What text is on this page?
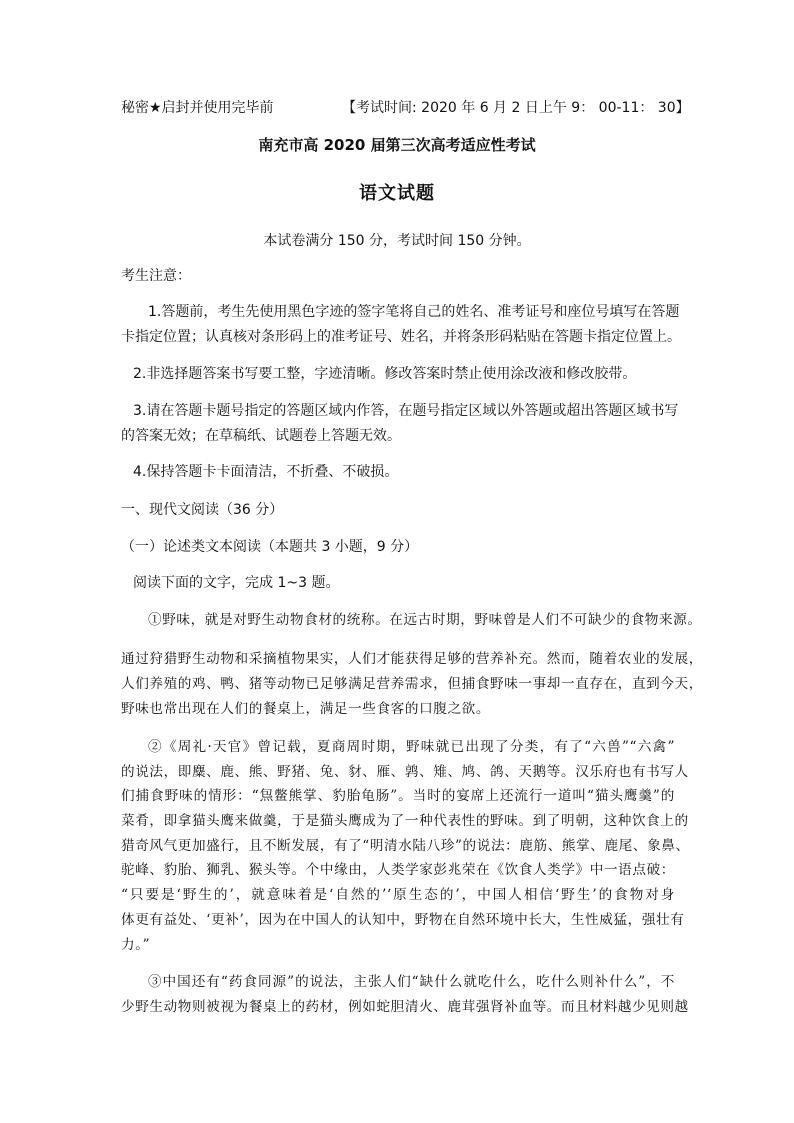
秘密★启封并使用完毕前	【考试时间: 2020 年 6 月 2 日上午 9： 00-11： 30】
南充市高 2020 届第三次高考适应性考试
语文试题
本试卷满分 150 分，考试时间 150 分钟。
考生注意：
1.答题前，考生先使用黑色字迹的签字笔将自己的姓名、准考证号和座位号填写在答题
卡指定位置；认真核对条形码上的准考证号、姓名，并将条形码粘贴在答题卡指定位置上。
2.非选择题答案书写要工整，字迹清晰。修改答案时禁止使用涂改液和修改胶带。
3.请在答题卡题号指定的答题区域内作答，在题号指定区域以外答题或超出答题区域书写
的答案无效；在草稿纸、试题卷上答题无效。
4.保持答题卡卡面清洁，不折叠、不破损。
一、现代文阅读（36 分）
（一）论述类文本阅读（本题共 3 小题，9 分）
阅读下面的文字，完成 1~3 题。
①野味，就是对野生动物食材的统称。在远古时期，野味曾是人们不可缺少的食物来源。
通过狩猎野生动物和采摘植物果实，人们才能获得足够的营养补充。然而，随着农业的发展，
人们养殖的鸡、鸭、猪等动物已足够满足营养需求，但捕食野味一事却一直存在，直到今天，
野味也常出现在人们的餐桌上，满足一些食客的口腹之欲。
②《周礼·天官》曾记载，夏商周时期，野味就已出现了分类，有了“六兽”“六禽”
的说法，即麋、鹿、熊、野猪、兔、豺、雁、鹑、雉、鸠、鸽、天鹅等。汉乐府也有书写人
们捕食野味的情形：“炰鳖熊掌、豹胎龟肠”。当时的宴席上还流行一道叫“猫头鹰羹”的
菜肴，即拿猫头鹰来做羹，于是猫头鹰成为了一种代表性的野味。到了明朝，这种饮食上的
猎奇风气更加盛行，且不断发展，有了“明清水陆八珍”的说法：鹿筋、熊掌、鹿尾、象鼻、
驼峰、豹胎、狮乳、猴头等。个中缘由，人类学家彭兆荣在《饮食人类学》中一语点破：
“只要是‘野生的’，就意味着是‘自然的’‘原生态的’，中国人相信‘野生’的食物对身
体更有益处、‘更补’，因为在中国人的认知中，野物在自然环境中长大，生性威猛，强壮有
力。”
③中国还有“药食同源”的说法，主张人们“缺什么就吃什么，吃什么则补什么”，不
少野生动物则被视为餐桌上的药材，例如蛇胆清火、鹿茸强肾补血等。而且材料越少见则越
